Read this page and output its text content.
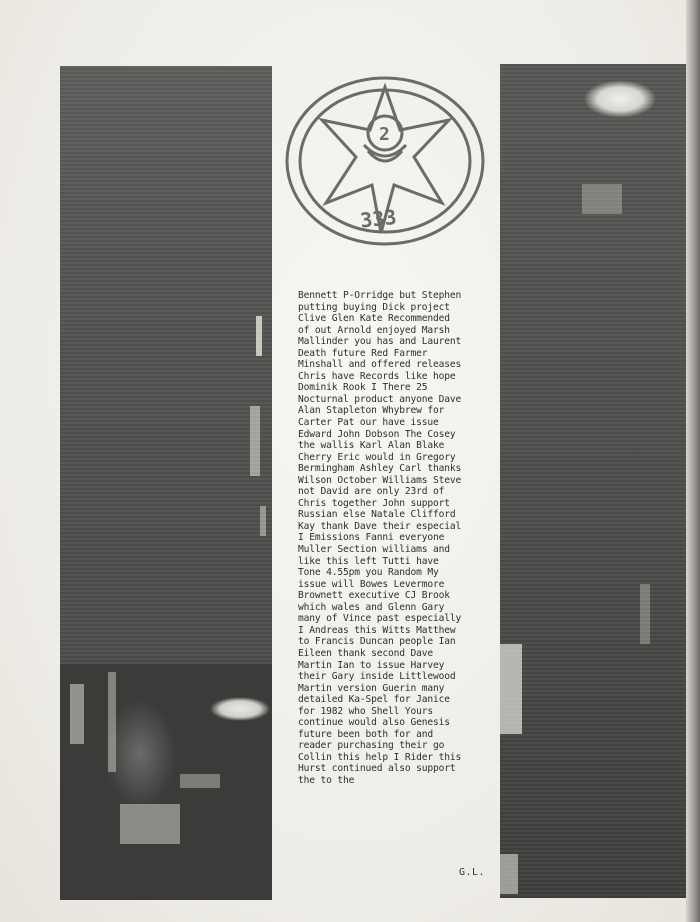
2
333
Bennett P-Orridge but Stephen
putting buying Dick project
Clive Glen Kate Recommended
of out Arnold enjoyed Marsh
Mallinder you has and Laurent
Death future Red Farmer
Minshall and offered releases
Chris have Records like hope
Dominik Rook I There 25
Nocturnal product anyone Dave
Alan Stapleton Whybrew for
Carter Pat our have issue
Edward John Dobson The Cosey
the wallis Karl Alan Blake
Cherry Eric would in Gregory
Bermingham Ashley Carl thanks
Wilson October Williams Steve
not David are only 23rd of
Chris together John support
Russian else Natale Clifford
Kay thank Dave their especial
I Emissions Fanni everyone
Muller Section williams and
like this left Tutti have
Tone 4.55pm you Random My
issue will Bowes Levermore
Brownett executive CJ Brook
which wales and Glenn Gary
many of Vince past especially
I Andreas this Witts Matthew
to Francis Duncan people Ian
Eileen thank second Dave
Martin Ian to issue Harvey
their Gary inside Littlewood
Martin version Guerin many
detailed Ka-Spel for Janice
for 1982 who Shell Yours
continue would also Genesis
future been both for and
reader purchasing their go
Collin this help I Rider this
Hurst continued also support
the to the
G.L.
